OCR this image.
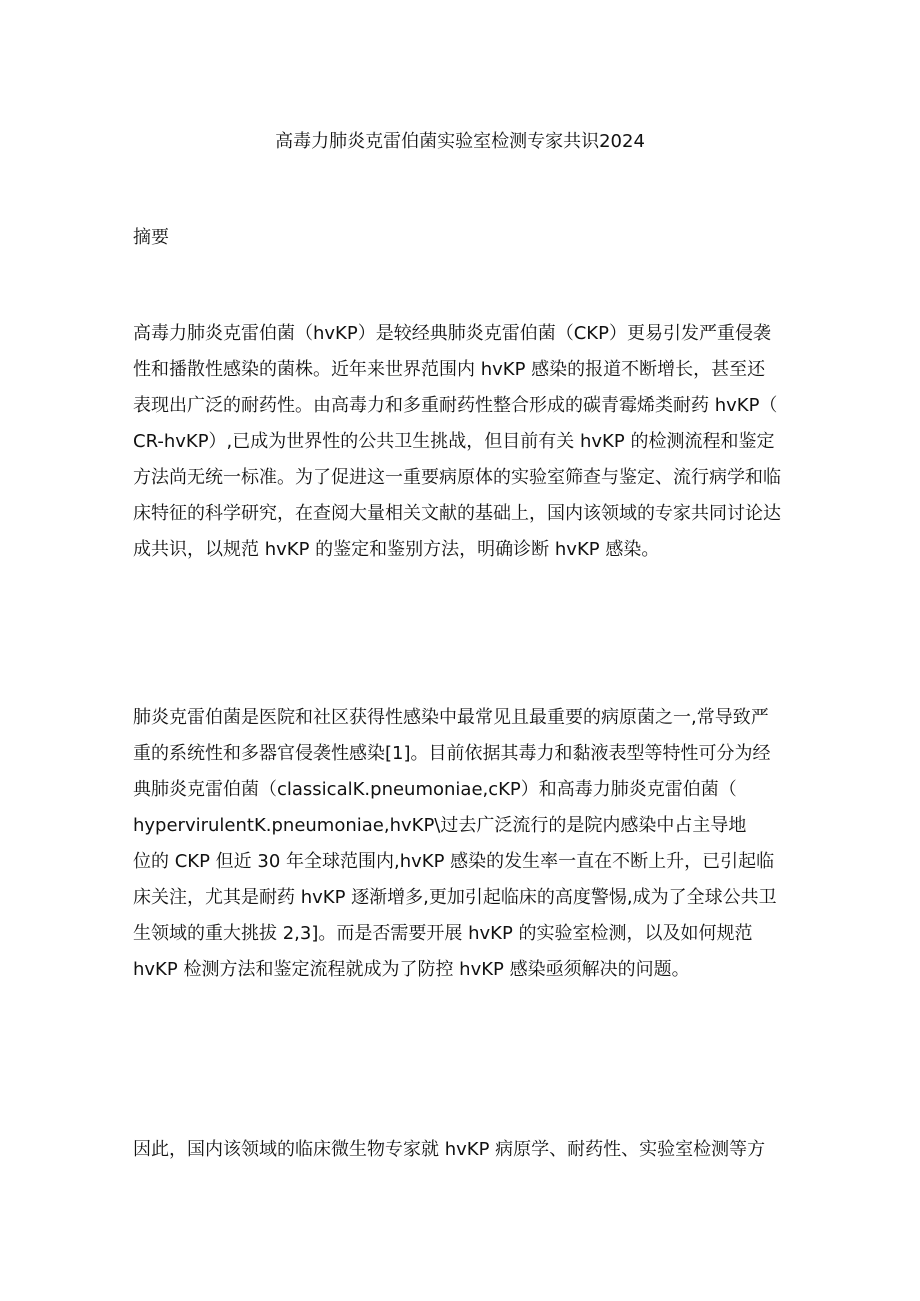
高毒力肺炎克雷伯菌实验室检测专家共识2024
摘要
高毒力肺炎克雷伯菌（hvKP）是较经典肺炎克雷伯菌（CKP）更易引发严重侵袭
性和播散性感染的菌株。近年来世界范围内 hvKP 感染的报道不断增长，甚至还
表现出广泛的耐药性。由高毒力和多重耐药性整合形成的碳青霉烯类耐药 hvKP（
CR-hvKP）,已成为世界性的公共卫生挑战，但目前有关 hvKP 的检测流程和鉴定
方法尚无统一标准。为了促进这一重要病原体的实验室筛查与鉴定、流行病学和临
床特征的科学研究，在查阅大量相关文献的基础上，国内该领域的专家共同讨论达
成共识，以规范 hvKP 的鉴定和鉴别方法，明确诊断 hvKP 感染。
肺炎克雷伯菌是医院和社区获得性感染中最常见且最重要的病原菌之一,常导致严
重的系统性和多器官侵袭性感染[1]。目前依据其毒力和黏液表型等特性可分为经
典肺炎克雷伯菌（classicalK.pneumoniae,cKP）和高毒力肺炎克雷伯菌（
hypervirulentK.pneumoniae,hvKP\过去广泛流行的是院内感染中占主导地
位的 CKP 但近 30 年全球范围内,hvKP 感染的发生率一直在不断上升，已引起临
床关注，尤其是耐药 hvKP 逐渐增多,更加引起临床的高度警惕,成为了全球公共卫
生领域的重大挑拔 2,3]。而是否需要开展 hvKP 的实验室检测，以及如何规范
hvKP 检测方法和鉴定流程就成为了防控 hvKP 感染亟须解决的问题。
因此，国内该领域的临床微生物专家就 hvKP 病原学、耐药性、实验室检测等方
